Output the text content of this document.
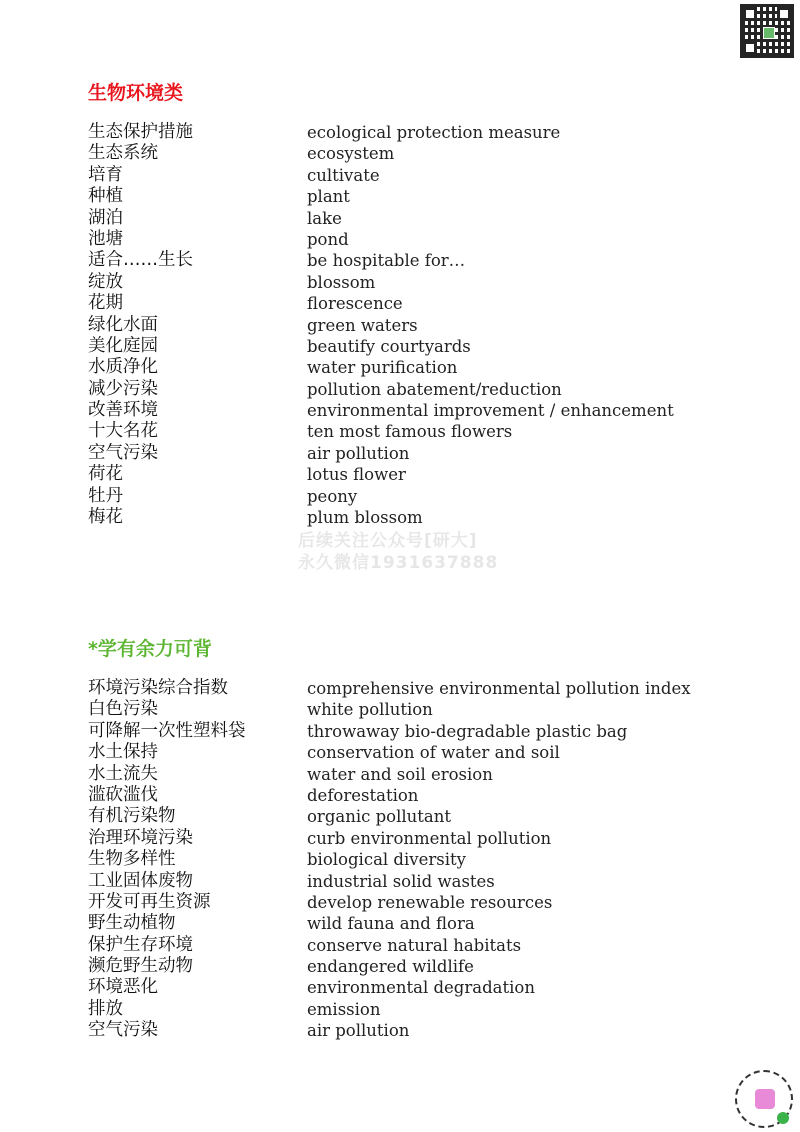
生物环境类
生态保护措施	ecological protection measure
生态系统	ecosystem
培育	cultivate
种植	plant
湖泊	lake
池塘	pond
适合……生长	be hospitable for…
绽放	blossom
花期	florescence
绿化水面	green waters
美化庭园	beautify courtyards
水质净化	water purification
减少污染	pollution abatement/reduction
改善环境	environmental improvement / enhancement
十大名花	ten most famous flowers
空气污染	air pollution
荷花	lotus flower
牡丹	peony
梅花	plum blossom
后续关注公众号[研大]
永久微信1931637888
*学有余力可背
环境污染综合指数	comprehensive environmental pollution index
白色污染	white pollution
可降解一次性塑料袋	throwaway bio-degradable plastic bag
水土保持	conservation of water and soil
水土流失	water and soil erosion
滥砍滥伐	deforestation
有机污染物	organic pollutant
治理环境污染	curb environmental pollution
生物多样性	biological diversity
工业固体废物	industrial solid wastes
开发可再生资源	develop renewable resources
野生动植物	wild fauna and flora
保护生存环境	conserve natural habitats
濒危野生动物	endangered wildlife
环境恶化	environmental degradation
排放	emission
空气污染	air pollution
